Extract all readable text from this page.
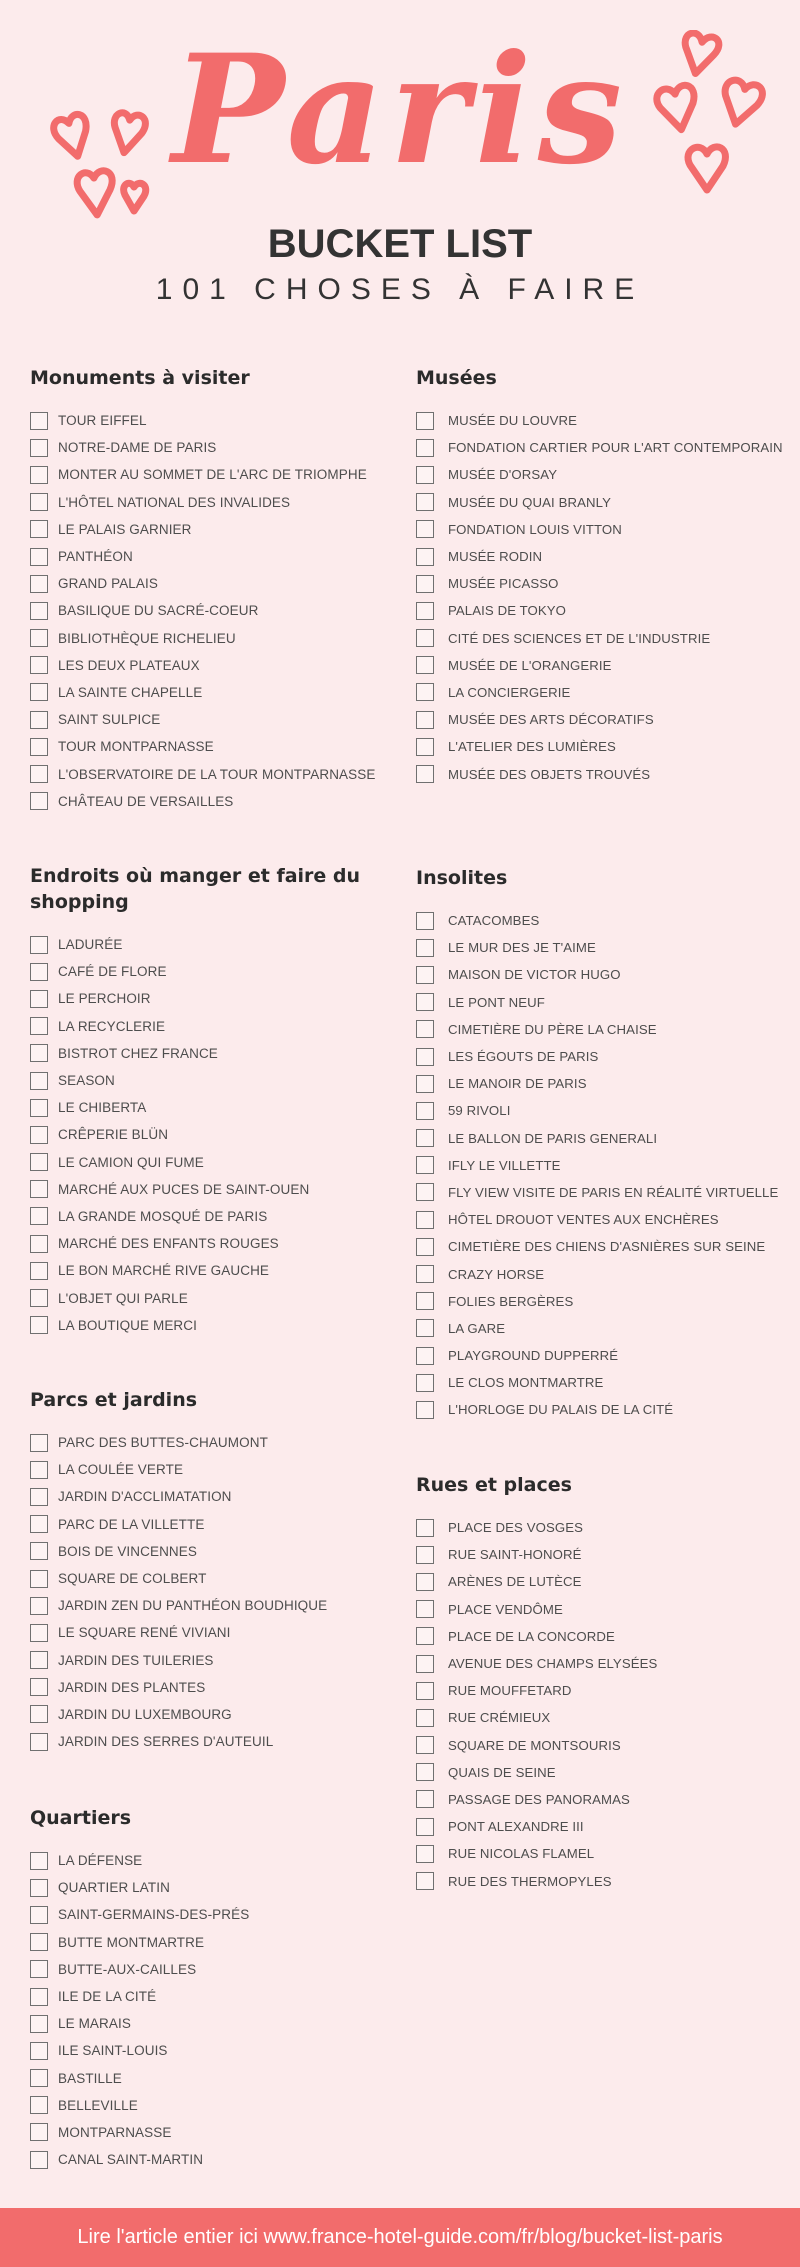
Paris
BUCKET LIST
101 CHOSES À FAIRE
Monuments à visiter
TOUR EIFFEL
NOTRE-DAME DE PARIS
MONTER AU SOMMET DE L'ARC DE TRIOMPHE
L'HÔTEL NATIONAL DES INVALIDES
LE PALAIS GARNIER
PANTHÉON
GRAND PALAIS
BASILIQUE DU SACRÉ-COEUR
BIBLIOTHÈQUE RICHELIEU
LES DEUX PLATEAUX
LA SAINTE CHAPELLE
SAINT SULPICE
TOUR MONTPARNASSE
L'OBSERVATOIRE DE LA TOUR MONTPARNASSE
CHÂTEAU DE VERSAILLES
Endroits où manger et faire du shopping
LADURÉE
CAFÉ DE FLORE
LE PERCHOIR
LA RECYCLERIE
BISTROT CHEZ FRANCE
SEASON
LE CHIBERTA
CRÊPERIE BLÜN
LE CAMION QUI FUME
MARCHÉ AUX PUCES DE SAINT-OUEN
LA GRANDE MOSQUÉ DE PARIS
MARCHÉ DES ENFANTS ROUGES
LE BON MARCHÉ RIVE GAUCHE
L'OBJET QUI PARLE
LA BOUTIQUE MERCI
Parcs et jardins
PARC DES BUTTES-CHAUMONT
LA COULÉE VERTE
JARDIN D'ACCLIMATATION
PARC DE LA VILLETTE
BOIS DE VINCENNES
SQUARE DE COLBERT
JARDIN ZEN DU PANTHÉON BOUDHIQUE
LE SQUARE RENÉ VIVIANI
JARDIN DES TUILERIES
JARDIN DES PLANTES
JARDIN DU LUXEMBOURG
JARDIN DES SERRES D'AUTEUIL
Quartiers
LA DÉFENSE
QUARTIER LATIN
SAINT-GERMAINS-DES-PRÉS
BUTTE MONTMARTRE
BUTTE-AUX-CAILLES
ILE DE LA CITÉ
LE MARAIS
ILE SAINT-LOUIS
BASTILLE
BELLEVILLE
MONTPARNASSE
CANAL SAINT-MARTIN
Musées
MUSÉE DU LOUVRE
FONDATION CARTIER POUR L'ART CONTEMPORAIN
MUSÉE D'ORSAY
MUSÉE DU QUAI BRANLY
FONDATION LOUIS VITTON
MUSÉE RODIN
MUSÉE PICASSO
PALAIS DE TOKYO
CITÉ DES SCIENCES ET DE L'INDUSTRIE
MUSÉE DE L'ORANGERIE
LA CONCIERGERIE
MUSÉE DES ARTS DÉCORATIFS
L'ATELIER DES LUMIÈRES
MUSÉE DES OBJETS TROUVÉS
Insolites
CATACOMBES
LE MUR DES JE T'AIME
MAISON DE VICTOR HUGO
LE PONT NEUF
CIMETIÈRE DU PÈRE LA CHAISE
LES ÉGOUTS DE PARIS
LE MANOIR DE PARIS
59 RIVOLI
LE BALLON DE PARIS GENERALI
IFLY LE VILLETTE
FLY VIEW VISITE DE PARIS EN RÉALITÉ VIRTUELLE
HÔTEL DROUOT VENTES AUX ENCHÈRES
CIMETIÈRE DES CHIENS D'ASNIÈRES SUR SEINE
CRAZY HORSE
FOLIES BERGÈRES
LA GARE
PLAYGROUND DUPPERRÉ
LE CLOS MONTMARTRE
L'HORLOGE DU PALAIS DE LA CITÉ
Rues et places
PLACE DES VOSGES
RUE SAINT-HONORÉ
ARÈNES DE LUTÈCE
PLACE VENDÔME
PLACE DE LA CONCORDE
AVENUE DES CHAMPS ELYSÉES
RUE MOUFFETARD
RUE CRÉMIEUX
SQUARE DE MONTSOURIS
QUAIS DE SEINE
PASSAGE DES PANORAMAS
PONT ALEXANDRE III
RUE NICOLAS FLAMEL
RUE DES THERMOPYLES
Lire l'article entier ici www.france-hotel-guide.com/fr/blog/bucket-list-paris
